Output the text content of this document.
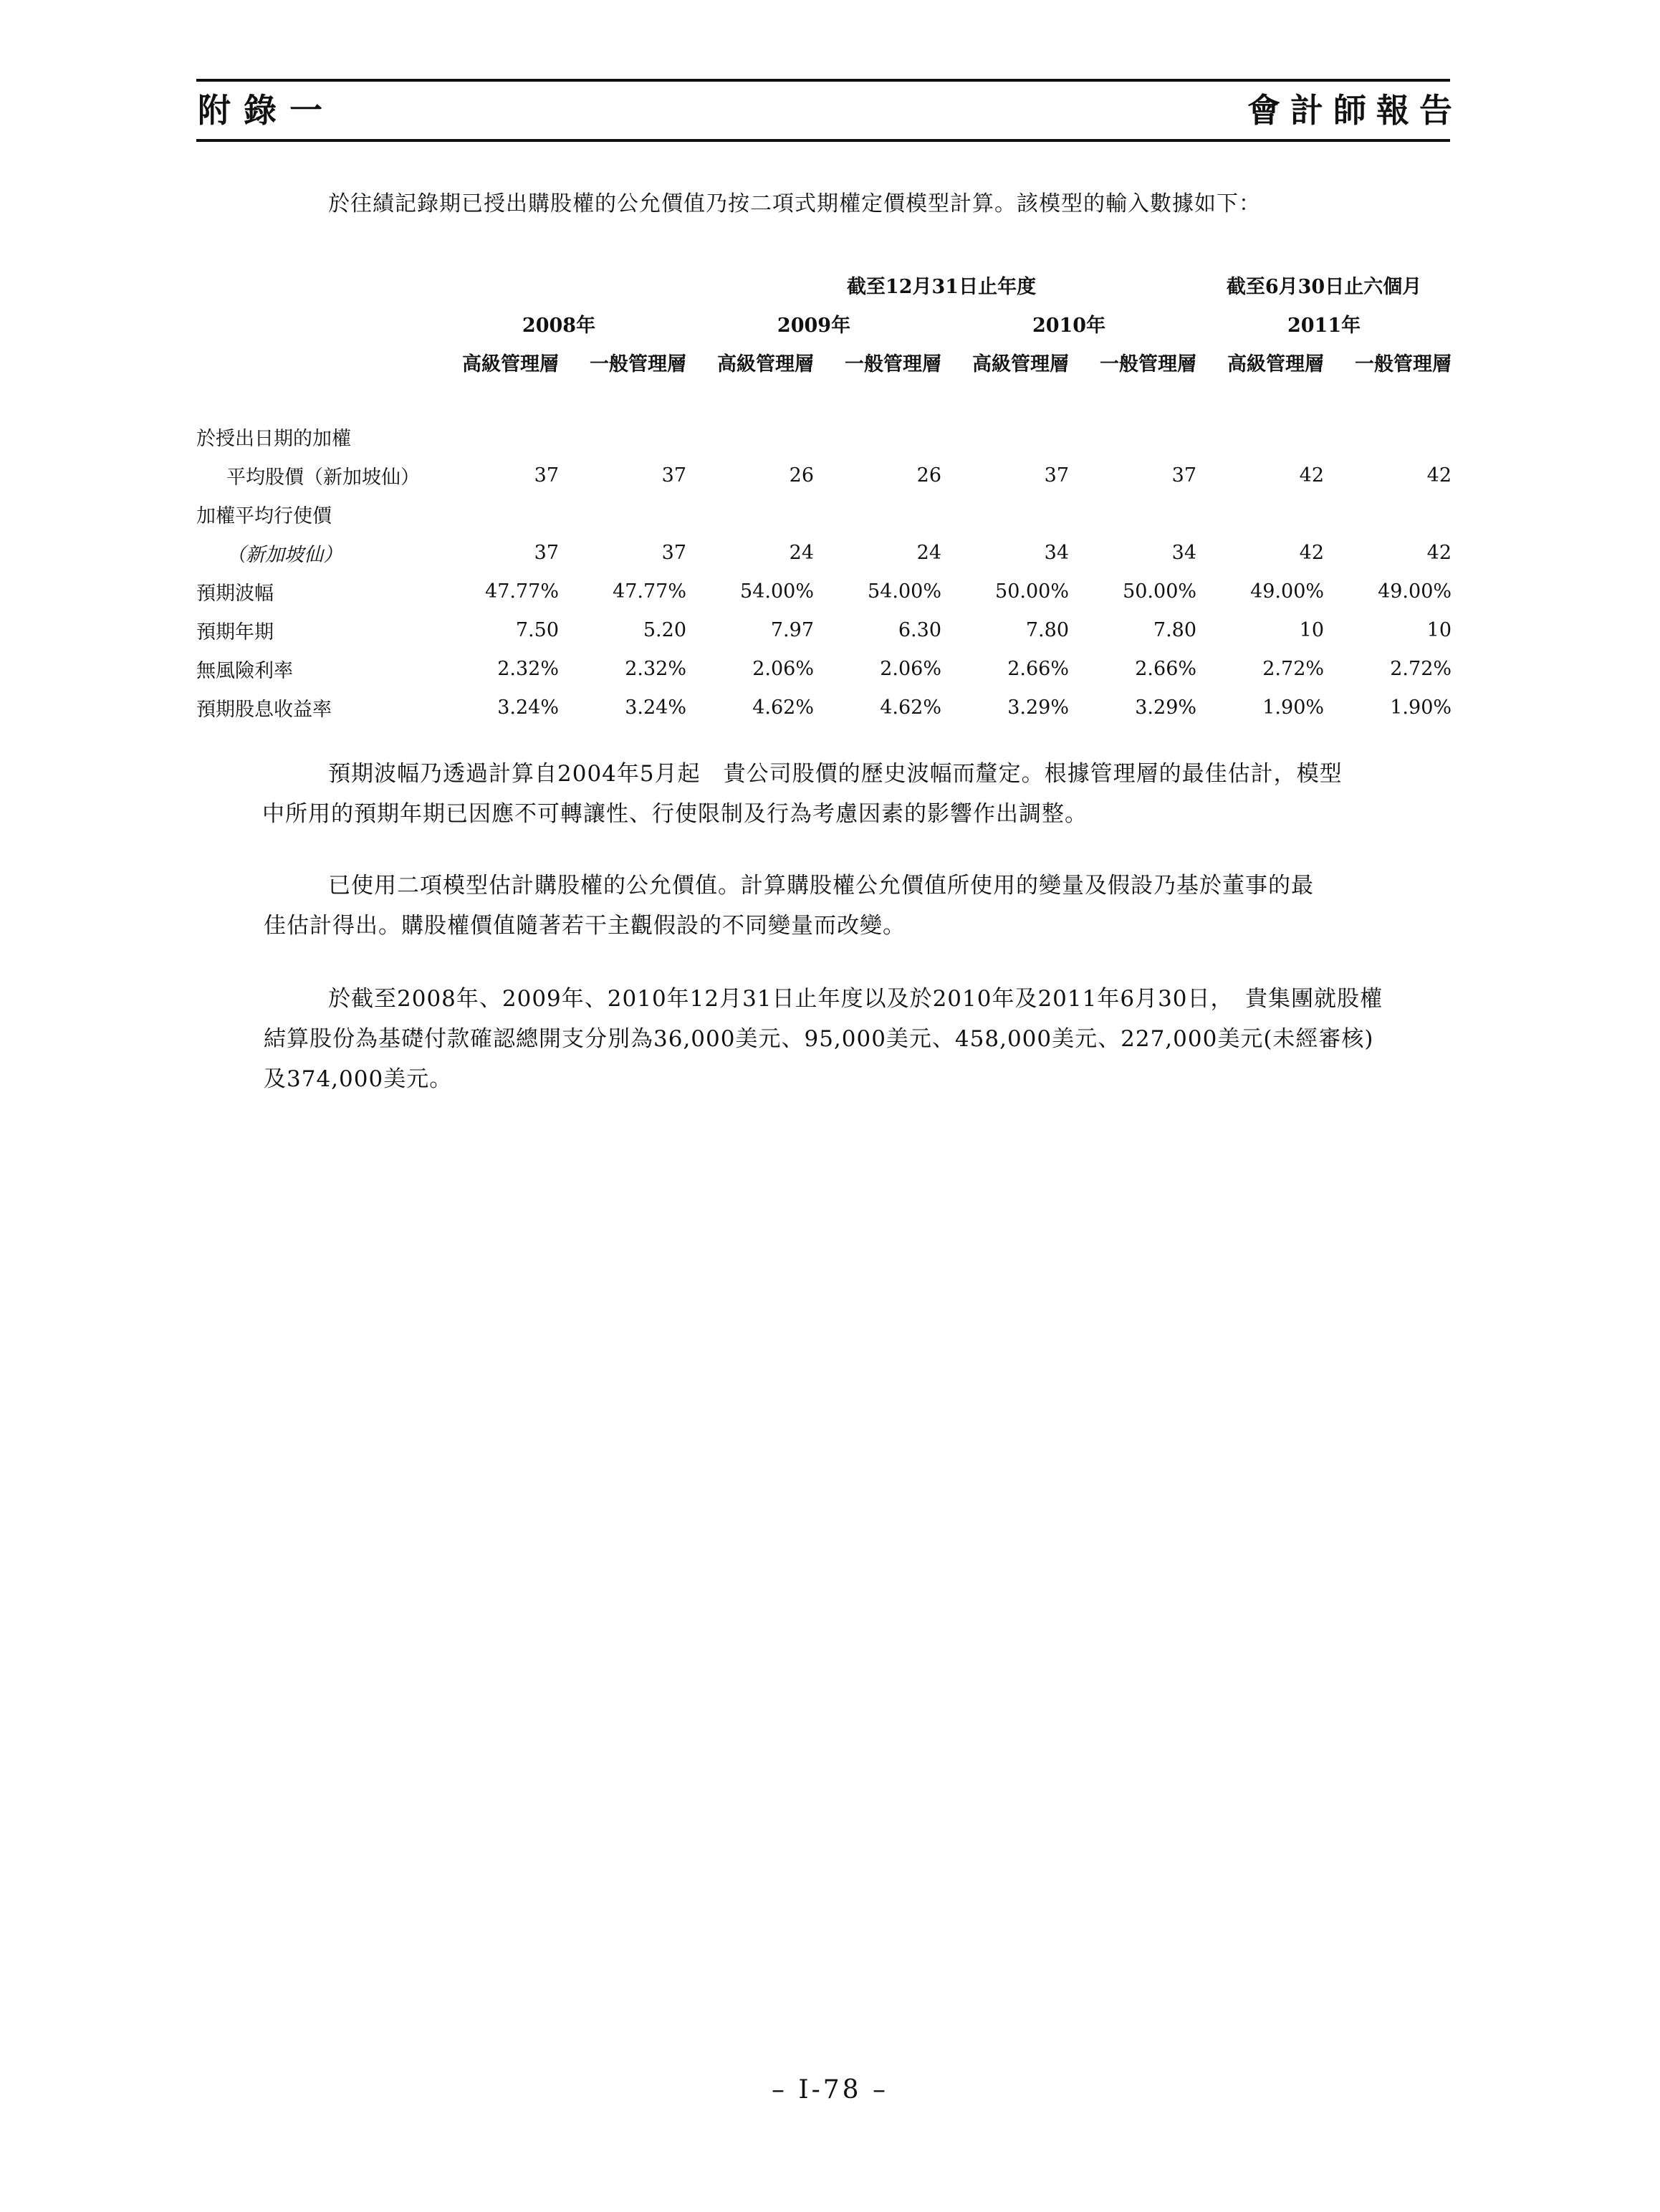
附錄一	會計師報告
於往績記錄期已授出購股權的公允價值乃按二項式期權定價模型計算。該模型的輸入數據如下：
			截至12月31日止年度				截至6月30日止六個月	
	2008年		2009年		2010年		2011年	
	高級管理層	一般管理層	高級管理層	一般管理層	高級管理層	一般管理層	高級管理層	一般管理層

於授出日期的加權								
平均股價（新加坡仙）	37	37	26	26	37	37	42	42
加權平均行使價								
（新加坡仙）	37	37	24	24	34	34	42	42
預期波幅	47.77%	47.77%	54.00%	54.00%	50.00%	50.00%	49.00%	49.00%
預期年期	7.50	5.20	7.97	6.30	7.80	7.80	10	10
無風險利率	2.32%	2.32%	2.06%	2.06%	2.66%	2.66%	2.72%	2.72%
預期股息收益率	3.24%	3.24%	4.62%	4.62%	3.29%	3.29%	1.90%	1.90%

預期波幅乃透過計算自2004年5月起　貴公司股價的歷史波幅而釐定。根據管理層的最佳估計，模型

中所用的預期年期已因應不可轉讓性、行使限制及行為考慮因素的影響作出調整。

已使用二項模型估計購股權的公允價值。計算購股權公允價值所使用的變量及假設乃基於董事的最

佳估計得出。購股權價值隨著若干主觀假設的不同變量而改變。

於截至2008年、2009年、2010年12月31日止年度以及於2010年及2011年6月30日，　貴集團就股權

結算股份為基礎付款確認總開支分別為36,000美元、95,000美元、458,000美元、227,000美元(未經審核)

及374,000美元。

– I-78 –
